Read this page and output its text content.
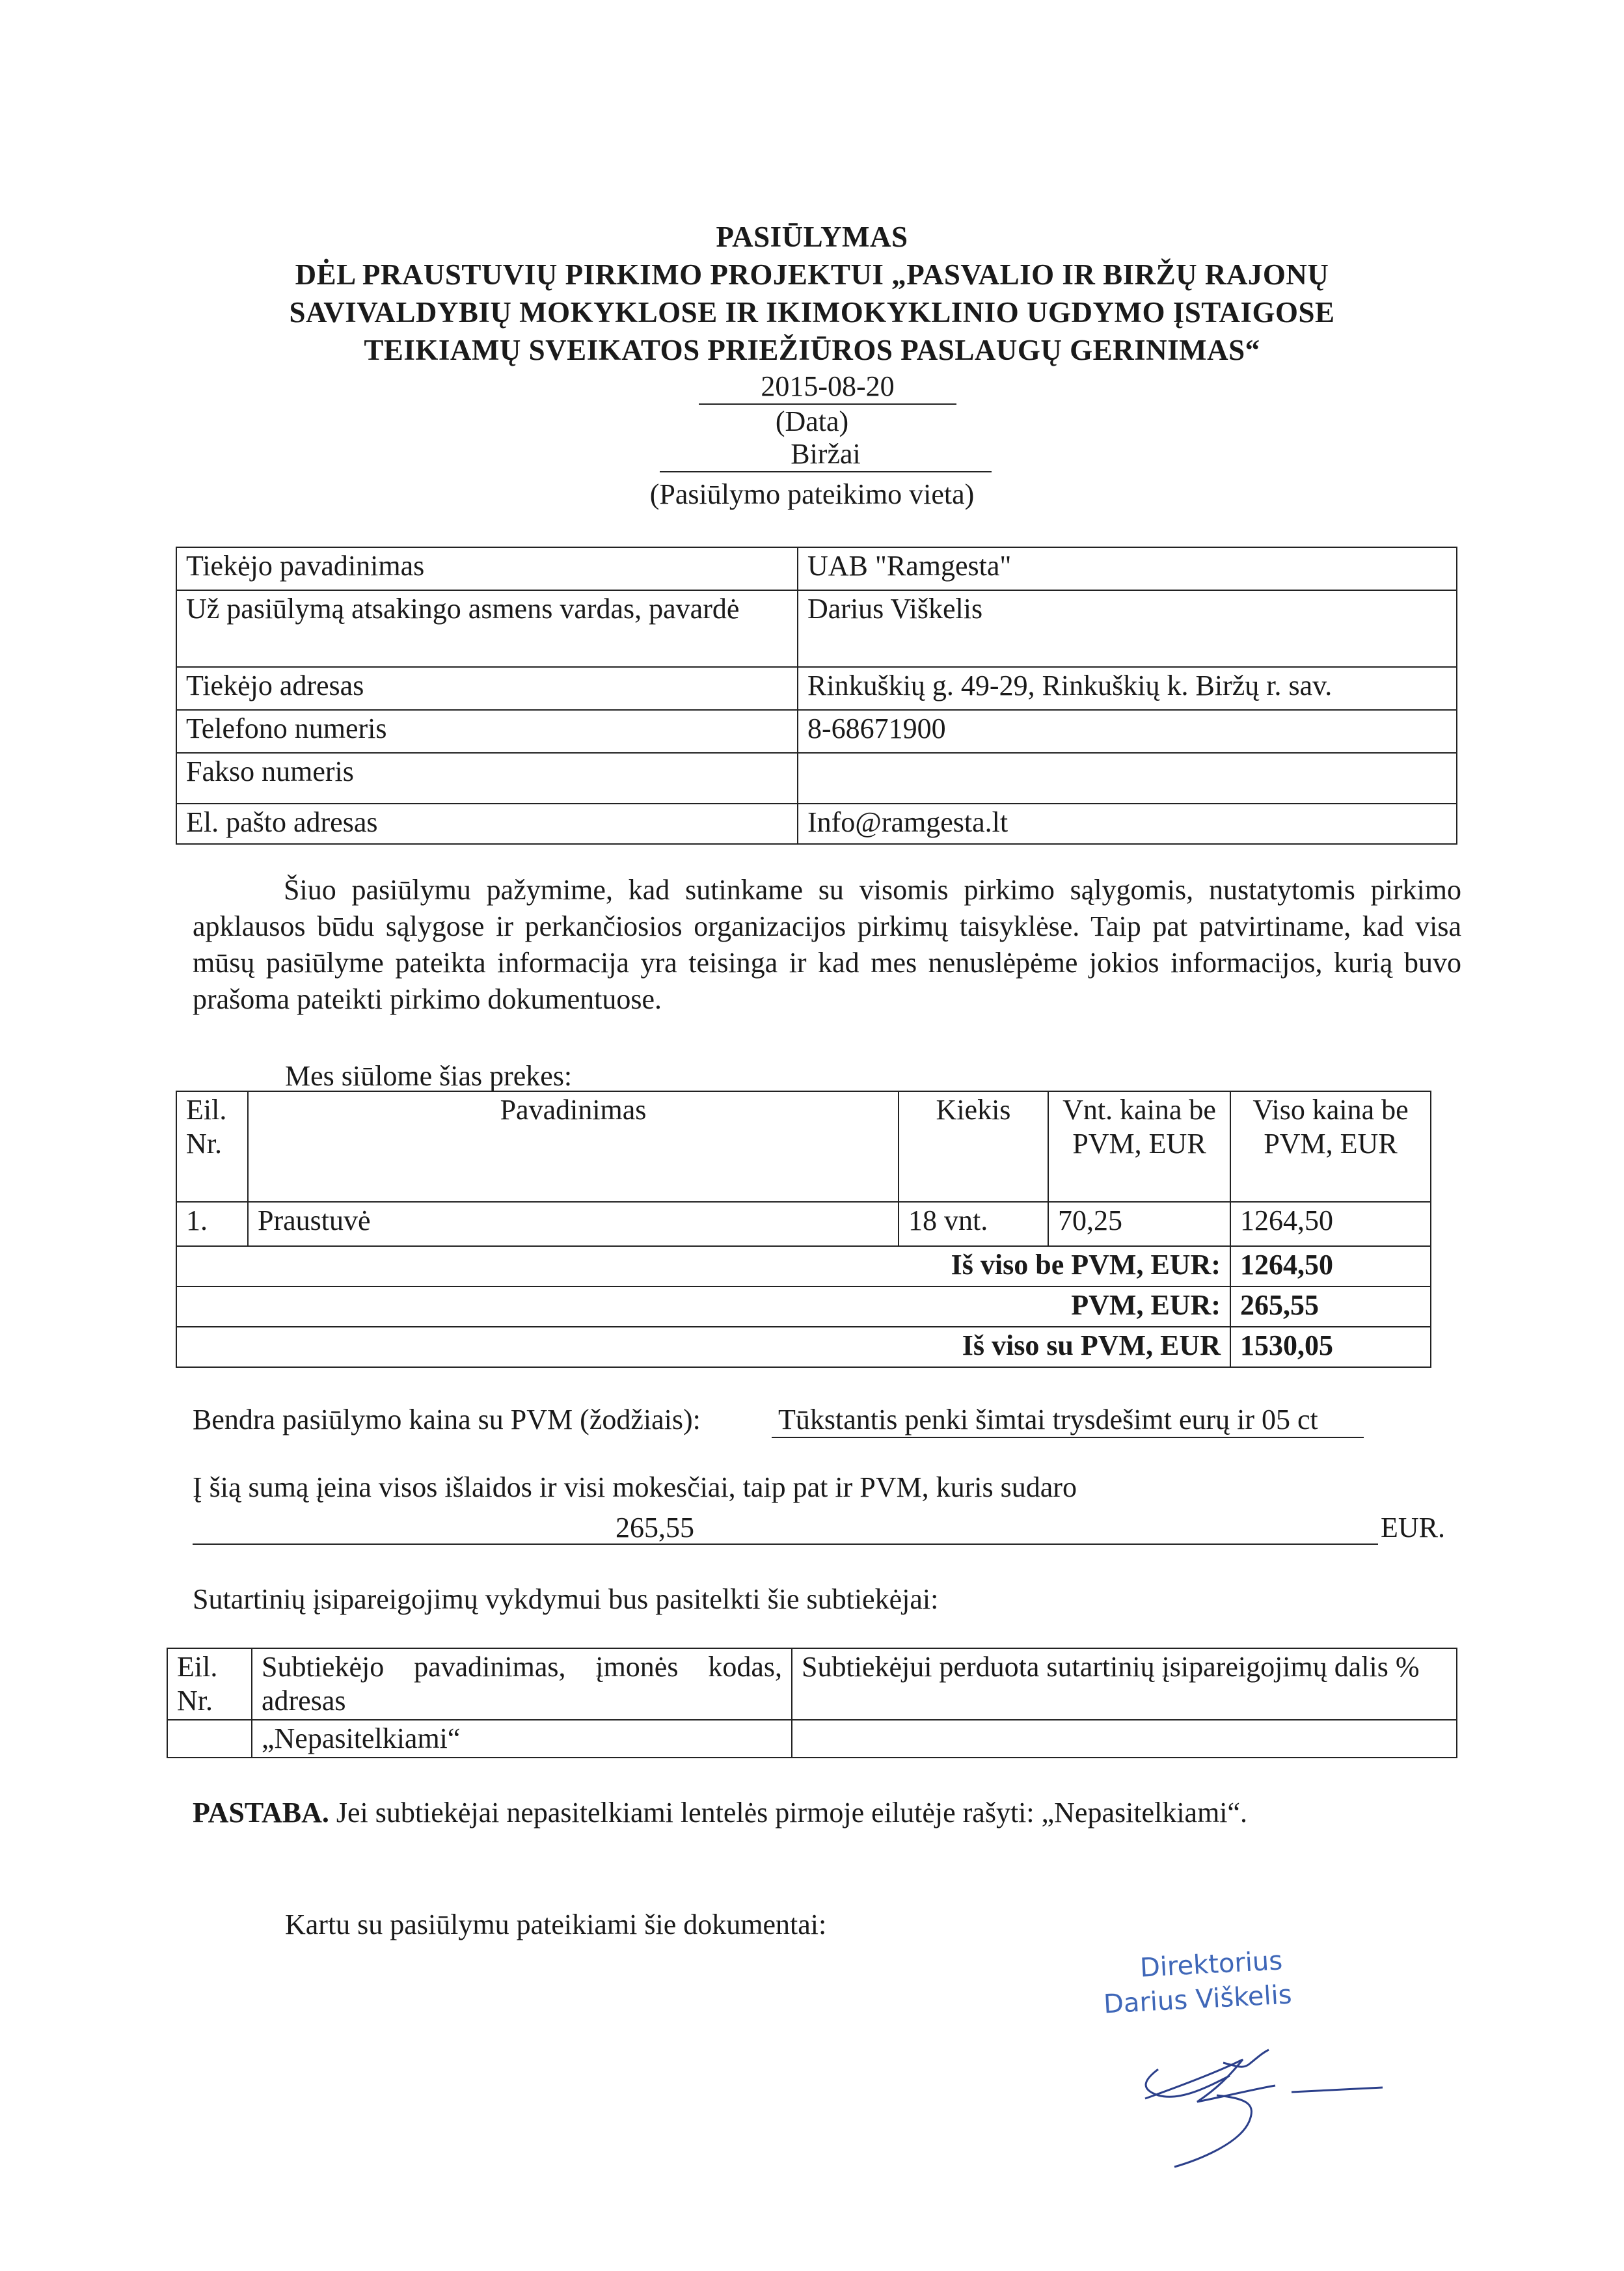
PASIŪLYMAS
DĖL PRAUSTUVIŲ PIRKIMO PROJEKTUI „PASVALIO IR BIRŽŲ RAJONŲ
SAVIVALDYBIŲ MOKYKLOSE IR IKIMOKYKLINIO UGDYMO ĮSTAIGOSE
TEIKIAMŲ SVEIKATOS PRIEŽIŪROS PASLAUGŲ GERINIMAS“
2015-08-20
(Data)
Biržai
(Pasiūlymo pateikimo vieta)
Tiekėjo pavadinimas	UAB "Ramgesta"
Už pasiūlymą atsakingo asmens vardas, pavardė	Darius Viškelis
Tiekėjo adresas	Rinkuškių g. 49-29, Rinkuškių k. Biržų r. sav.
Telefono numeris	8-68671900
Fakso numeris	
El. pašto adresas	Info@ramgesta.lt
Šiuo pasiūlymu pažymime, kad sutinkame su visomis pirkimo sąlygomis, nustatytomis pirkimo apklausos būdu sąlygose ir perkančiosios organizacijos pirkimų taisyklėse. Taip pat patvirtiname, kad visa mūsų pasiūlyme pateikta informacija yra teisinga ir kad mes nenuslėpėme jokios informacijos, kurią buvo prašoma pateikti pirkimo dokumentuose.
Mes siūlome šias prekes:
Eil. Nr.	Pavadinimas	Kiekis	Vnt. kaina be PVM, EUR	Viso kaina be PVM, EUR
1.	Praustuvė	18 vnt.	70,25	1264,50
Iš viso be PVM, EUR:				1264,50
PVM, EUR:				265,55
Iš viso su PVM, EUR				1530,05
Bendra pasiūlymo kaina su PVM (žodžiais):	Tūkstantis penki šimtai trysdešimt eurų ir 05 ct
Į šią sumą įeina visos išlaidos ir visi mokesčiai, taip pat ir PVM, kuris sudaro
265,55	EUR.
Sutartinių įsipareigojimų vykdymui bus pasitelkti šie subtiekėjai:
Eil. Nr.	Subtiekėjo pavadinimas, įmonės kodas, adresas	Subtiekėjui perduota sutartinių įsipareigojimų dalis %
	„Nepasitelkiami“	
PASTABA. Jei subtiekėjai nepasitelkiami lentelės pirmoje eilutėje rašyti: „Nepasitelkiami“.
Kartu su pasiūlymu pateikiami šie dokumentai:
Direktorius
Darius Viškelis
